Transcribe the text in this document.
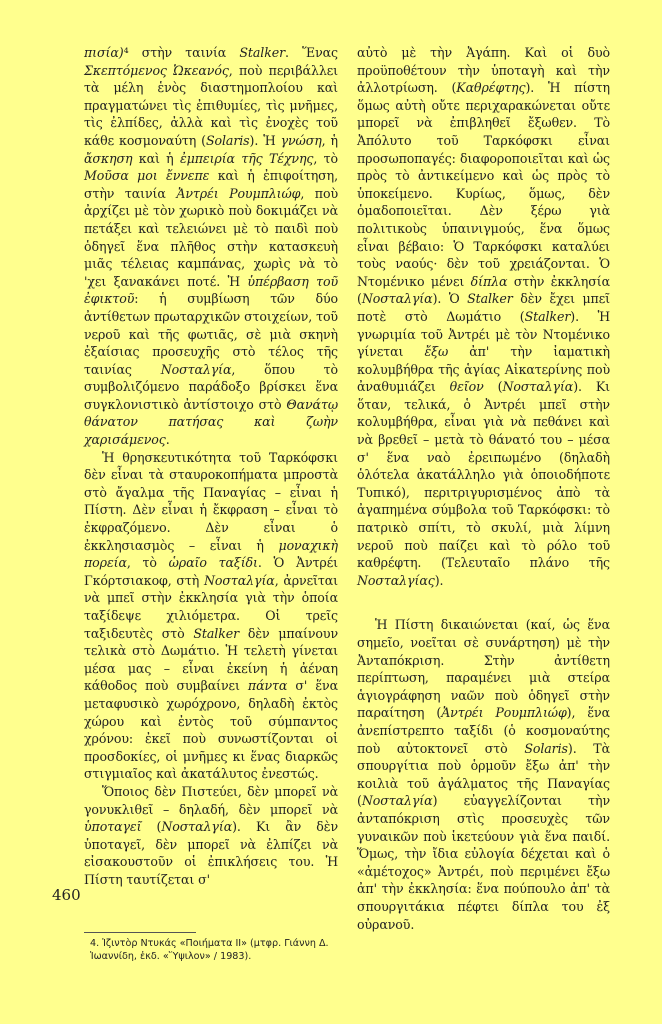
πισία)⁴ στὴν ταινία Stalker. Ἕνας Σκεπτόμενος Ὠκεανός, ποὺ περιβάλλει τὰ μέλη ἑνὸς διαστημοπλοίου καὶ πραγματώνει τὶς ἐπιθυμίες, τὶς μνῆμες, τὶς ἐλπίδες, ἀλλὰ καὶ τὶς ἐνοχὲς τοῦ κάθε κοσμοναύτη (Solaris). Ἡ γνώση, ἡ ἄσκηση καὶ ἡ ἐμπειρία τῆς Τέχνης, τὸ Μοῦσα μοι ἔννεπε καὶ ἡ ἐπιφοίτηση, στὴν ταινία Ἀντρέι Ρουμπλιώφ, ποὺ ἀρχίζει μὲ τὸν χωρικὸ ποὺ δοκιμάζει νὰ πετάξει καὶ τελειώνει μὲ τὸ παιδὶ ποὺ ὁδηγεῖ ἕνα πλῆθος στὴν κατασκευὴ μιᾶς τέλειας καμπάνας, χωρὶς νὰ τὸ 'χει ξανακάνει ποτέ. Ἡ ὑπέρβαση τοῦ ἐφικτοῦ: ἡ συμβίωση τῶν δύο ἀντίθετων πρωταρχικῶν στοιχείων, τοῦ νεροῦ καὶ τῆς φωτιᾶς, σὲ μιὰ σκηνὴ ἐξαίσιας προσευχῆς στὸ τέλος τῆς ταινίας Νοσταλγία, ὅπου τὸ συμβολιζόμενο παράδοξο βρίσκει ἕνα συγκλονιστικὸ ἀντίστοιχο στὸ Θανάτῳ θάνατον πατήσας καὶ ζωὴν χαρισάμενος.

Ἡ θρησκευτικότητα τοῦ Ταρκόφσκι δὲν εἶναι τὰ σταυροκοπήματα μπροστὰ στὸ ἄγαλμα τῆς Παναγίας – εἶναι ἡ Πίστη. Δὲν εἶναι ἡ ἔκφραση – εἶναι τὸ ἐκφραζόμενο. Δὲν εἶναι ὁ ἐκκλησιασμὸς – εἶναι ἡ μοναχικὴ πορεία, τὸ ὡραῖο ταξίδι. Ὁ Ἀντρέι Γκόρτσιακοφ, στὴ Νοσταλγία, ἀρνεῖται νὰ μπεῖ στὴν ἐκκλησία γιὰ τὴν ὁποία ταξίδεψε χιλιόμετρα. Οἱ τρεῖς ταξιδευτὲς στὸ Stalker δὲν μπαίνουν τελικὰ στὸ Δωμάτιο. Ἡ τελετὴ γίνεται μέσα μας – εἶναι ἐκείνη ἡ ἀέναη κάθοδος ποὺ συμβαίνει πάντα σ' ἕνα μεταφυσικὸ χωρόχρονο, δηλαδὴ ἐκτὸς χώρου καὶ ἐντὸς τοῦ σύμπαντος χρόνου: ἐκεῖ ποὺ συνωστίζονται οἱ προσδοκίες, οἱ μνῆμες κι ἕνας διαρκῶς στιγμιαῖος καὶ ἀκατάλυτος ἐνεστώς.

Ὅποιος δὲν Πιστεύει, δὲν μπορεῖ νὰ γονυκλιθεῖ – δηλαδή, δὲν μπορεῖ νὰ ὑποταγεῖ (Νοσταλγία). Κι ἂν δὲν ὑποταγεῖ, δὲν μπορεῖ νὰ ἐλπίζει νὰ εἰσακουστοῦν οἱ ἐπικλήσεις του. Ἡ Πίστη ταυτίζεται σ'

αὐτὸ μὲ τὴν Ἀγάπη. Καὶ οἱ δυὸ προϋποθέτουν τὴν ὑποταγὴ καὶ τὴν ἀλλοτρίωση. (Καθρέφτης). Ἡ πίστη ὅμως αὐτὴ οὔτε περιχαρακώνεται οὔτε μπορεῖ νὰ ἐπιβληθεῖ ἔξωθεν. Τὸ Ἀπόλυτο τοῦ Ταρκόφσκι εἶναι προσωποπαγές: διαφοροποιεῖται καὶ ὡς πρὸς τὸ ἀντικείμενο καὶ ὡς πρὸς τὸ ὑποκείμενο. Κυρίως, ὅμως, δὲν ὁμαδοποιεῖται. Δὲν ξέρω γιὰ πολιτικοὺς ὑπαινιγμούς, ἕνα ὅμως εἶναι βέβαιο: Ὁ Ταρκόφσκι καταλύει τοὺς ναούς· δὲν τοῦ χρειάζονται. Ὁ Ντομένικο μένει δίπλα στὴν ἐκκλησία (Νοσταλγία). Ὁ Stalker δὲν ἔχει μπεῖ ποτὲ στὸ Δωμάτιο (Stalker). Ἡ γνωριμία τοῦ Ἀντρέι μὲ τὸν Ντομένικο γίνεται ἔξω ἀπ' τὴν ἰαματικὴ κολυμβήθρα τῆς ἁγίας Αἰκατερίνης ποὺ ἀναθυμιάζει θεῖον (Νοσταλγία). Κι ὅταν, τελικά, ὁ Ἀντρέι μπεῖ στὴν κολυμβήθρα, εἶναι γιὰ νὰ πεθάνει καὶ νὰ βρεθεῖ – μετὰ τὸ θάνατό του – μέσα σ' ἕνα ναὸ ἐρειπωμένο (δηλαδὴ ὁλότελα ἀκατάλληλο γιὰ ὁποιοδήποτε Τυπικό), περιτριγυρισμένος ἀπὸ τὰ ἀγαπημένα σύμβολα τοῦ Ταρκόφσκι: τὸ πατρικὸ σπίτι, τὸ σκυλί, μιὰ λίμνη νεροῦ ποὺ παίζει καὶ τὸ ρόλο τοῦ καθρέφτη. (Τελευταῖο πλάνο τῆς Νοσταλγίας).

Ἡ Πίστη δικαιώνεται (καί, ὡς ἕνα σημεῖο, νοεῖται σὲ συνάρτηση) μὲ τὴν Ἀνταπόκριση. Στὴν ἀντίθετη περίπτωση, παραμένει μιὰ στείρα ἁγιογράφηση ναῶν ποὺ ὁδηγεῖ στὴν παραίτηση (Ἀντρέι Ρουμπλιώφ), ἕνα ἀνεπίστρεπτο ταξίδι (ὁ κοσμοναύτης ποὺ αὐτοκτονεῖ στὸ Solaris). Τὰ σπουργίτια ποὺ ὁρμοῦν ἔξω ἀπ' τὴν κοιλιὰ τοῦ ἀγάλματος τῆς Παναγίας (Νοσταλγία) εὐαγγελίζονται τὴν ἀνταπόκριση στὶς προσευχὲς τῶν γυναικῶν ποὺ ἱκετεύουν γιὰ ἕνα παιδί. Ὅμως, τὴν ἴδια εὐλογία δέχεται καὶ ὁ «ἀμέτοχος» Ἀντρέι, ποὺ περιμένει ἔξω ἀπ' τὴν ἐκκλησία: ἕνα πούπουλο ἀπ' τὰ σπουργιτάκια πέφτει δίπλα του ἐξ οὐρανοῦ.

460
4. Ἰζιντὸρ Ντυκάς «Ποιήματα ΙΙ» (μτφρ. Γιάννη Δ. Ἰωαννίδη, ἐκδ. «Ὕψιλον» / 1983).
